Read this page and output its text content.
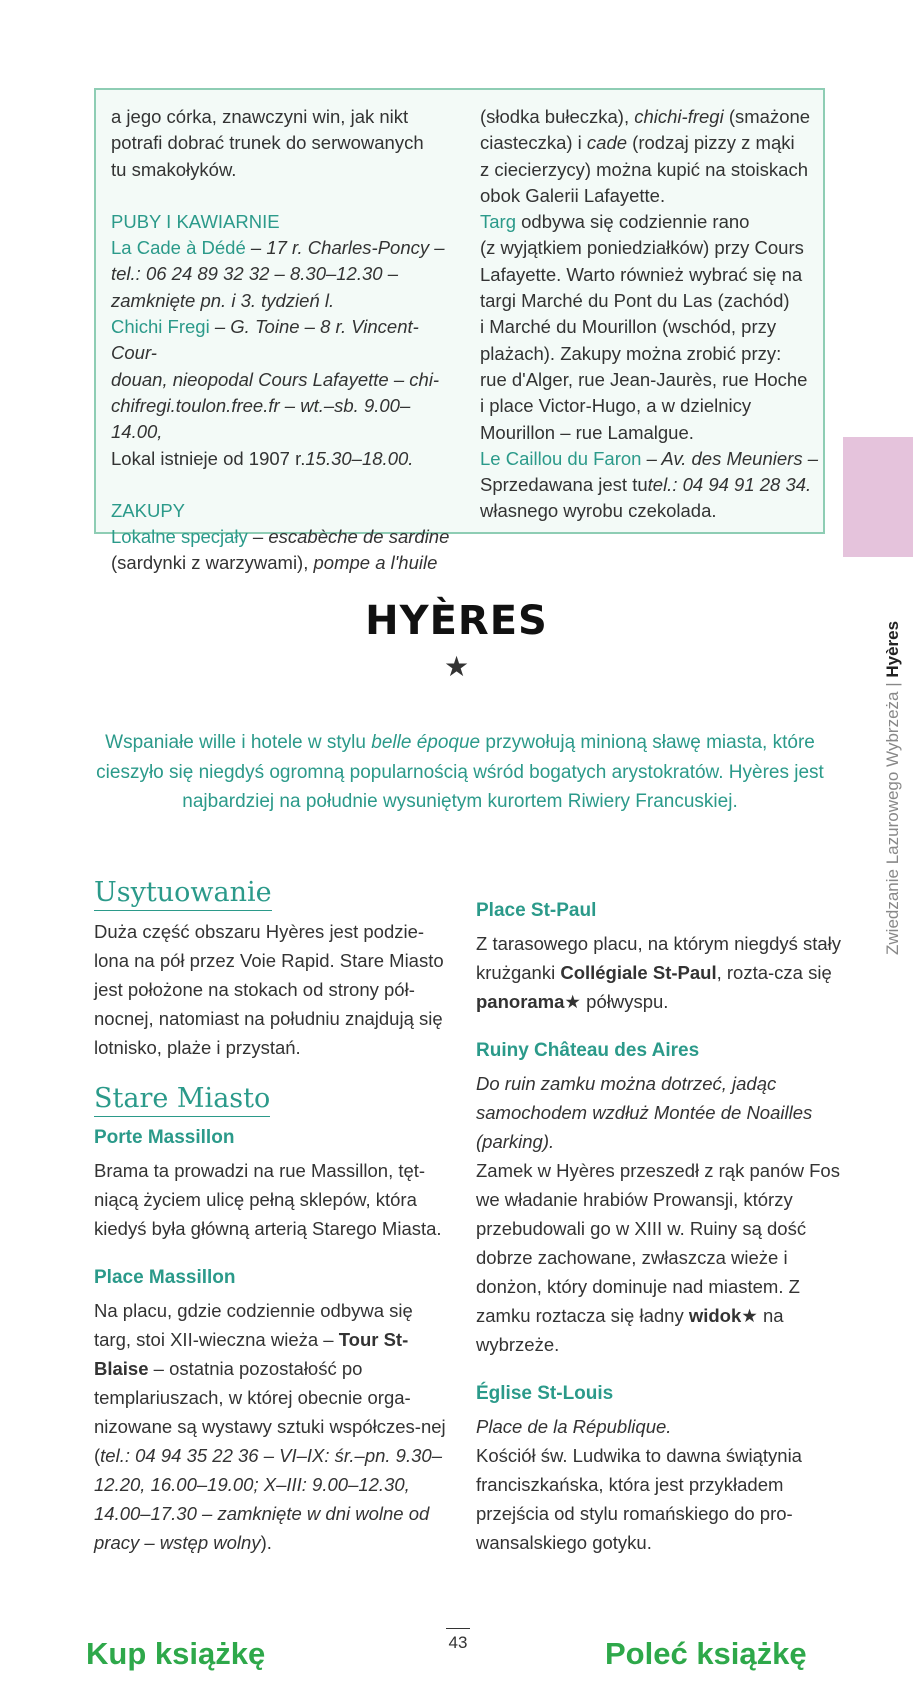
a jego córka, znawczyni win, jak nikt

potrafi dobrać trunek do serwowanych

tu smakołyków.

PUBY I KAWIARNIE

La Cade à Dédé – 17 r. Charles-Poncy –

tel.: 06 24 89 32 32 – 8.30–12.30 –

zamknięte pn. i 3. tydzień l.

Chichi Fregi – G. Toine – 8 r. Vincent-Cour-

douan, nieopodal Cours Lafayette – chi-

chifregi.toulon.free.fr – wt.–sb. 9.00–14.00,

Lokal istnieje od 1907 r.15.30–18.00.

ZAKUPY

Lokalne specjały – escabèche de sardine

(sardynki z warzywami), pompe a l'huile

(słodka bułeczka), chichi-fregi (smażone

ciasteczka) i cade (rodzaj pizzy z mąki

z ciecierzycy) można kupić na stoiskach

obok Galerii Lafayette.

Targ odbywa się codziennie rano

(z wyjątkiem poniedziałków) przy Cours

Lafayette. Warto również wybrać się na

targi Marché du Pont du Las (zachód)

i Marché du Mourillon (wschód, przy

plażach). Zakupy można zrobić przy:

rue d'Alger, rue Jean-Jaurès, rue Hoche

i place Victor-Hugo, a w dzielnicy

Mourillon – rue Lamalgue.

Le Caillou du Faron – Av. des Meuniers –

Sprzedawana jest tutel.: 04 94 91 28 34.

własnego wyrobu czekolada.

Zwiedzanie Lazurowego Wybrzeża | Hyères
HYÈRES
★
Wspaniałe wille i hotele w stylu belle époque przywołują minioną sławę miasta, które cieszyło się niegdyś ogromną popularnością wśród bogatych arystokratów. Hyères jest najbardziej na południe wysuniętym kurortem Riwiery Francuskiej.
Usytuowanie

Duża część obszaru Hyères jest podzie-lona na pół przez Voie Rapid. Stare Miasto jest położone na stokach od strony pół-nocnej, natomiast na południu znajdują się lotnisko, plaże i przystań.

Stare Miasto
Porte Massillon

Brama ta prowadzi na rue Massillon, tęt-niącą życiem ulicę pełną sklepów, która kiedyś była główną arterią Starego Miasta.

Place Massillon

Na placu, gdzie codziennie odbywa się targ, stoi XII-wieczna wieża – Tour St-Blaise – ostatnia pozostałość po templariuszach, w której obecnie orga-nizowane są wystawy sztuki współczes-nej (tel.: 04 94 35 22 36 – VI–IX: śr.–pn. 9.30–12.20, 16.00–19.00; X–III: 9.00–12.30, 14.00–17.30 – zamknięte w dni wolne od pracy – wstęp wolny).

Place St-Paul

Z tarasowego placu, na którym niegdyś stały krużganki Collégiale St-Paul, rozta-cza się panorama★ półwyspu.

Ruiny Château des Aires

Do ruin zamku można dotrzeć, jadąc samochodem wzdłuż Montée de Noailles (parking).

Zamek w Hyères przeszedł z rąk panów Fos we władanie hrabiów Prowansji, którzy przebudowali go w XIII w. Ruiny są dość dobrze zachowane, zwłaszcza wieże i donżon, który dominuje nad miastem. Z zamku roztacza się ładny widok★ na wybrzeże.

Église St-Louis

Place de la République.

Kościół św. Ludwika to dawna świątynia franciszkańska, która jest przykładem przejścia od stylu romańskiego do pro-wansalskiego gotyku.

43
Kup książkę	Poleć książkę
